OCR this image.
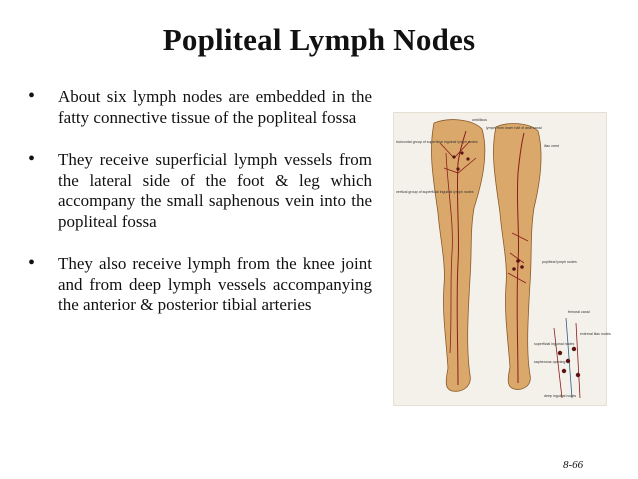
Popliteal Lymph Nodes
• About six lymph nodes are embedded in the fatty connective tissue of the popliteal fossa
• They receive superficial lymph vessels from the lateral side of the foot & leg which accompany the small saphenous vein into the popliteal fossa
• They also receive lymph from the knee joint and from deep lymph vessels accompanying the anterior & posterior tibial arteries
umbilicus
lymph from lower half of anal canal
iliac crest
horizontal group of superficial inguinal lymph nodes
vertical group of superficial inguinal lymph nodes
popliteal lymph nodes
femoral canal
external iliac nodes
superficial inguinal nodes
saphenous opening
deep inguinal nodes
8-66
